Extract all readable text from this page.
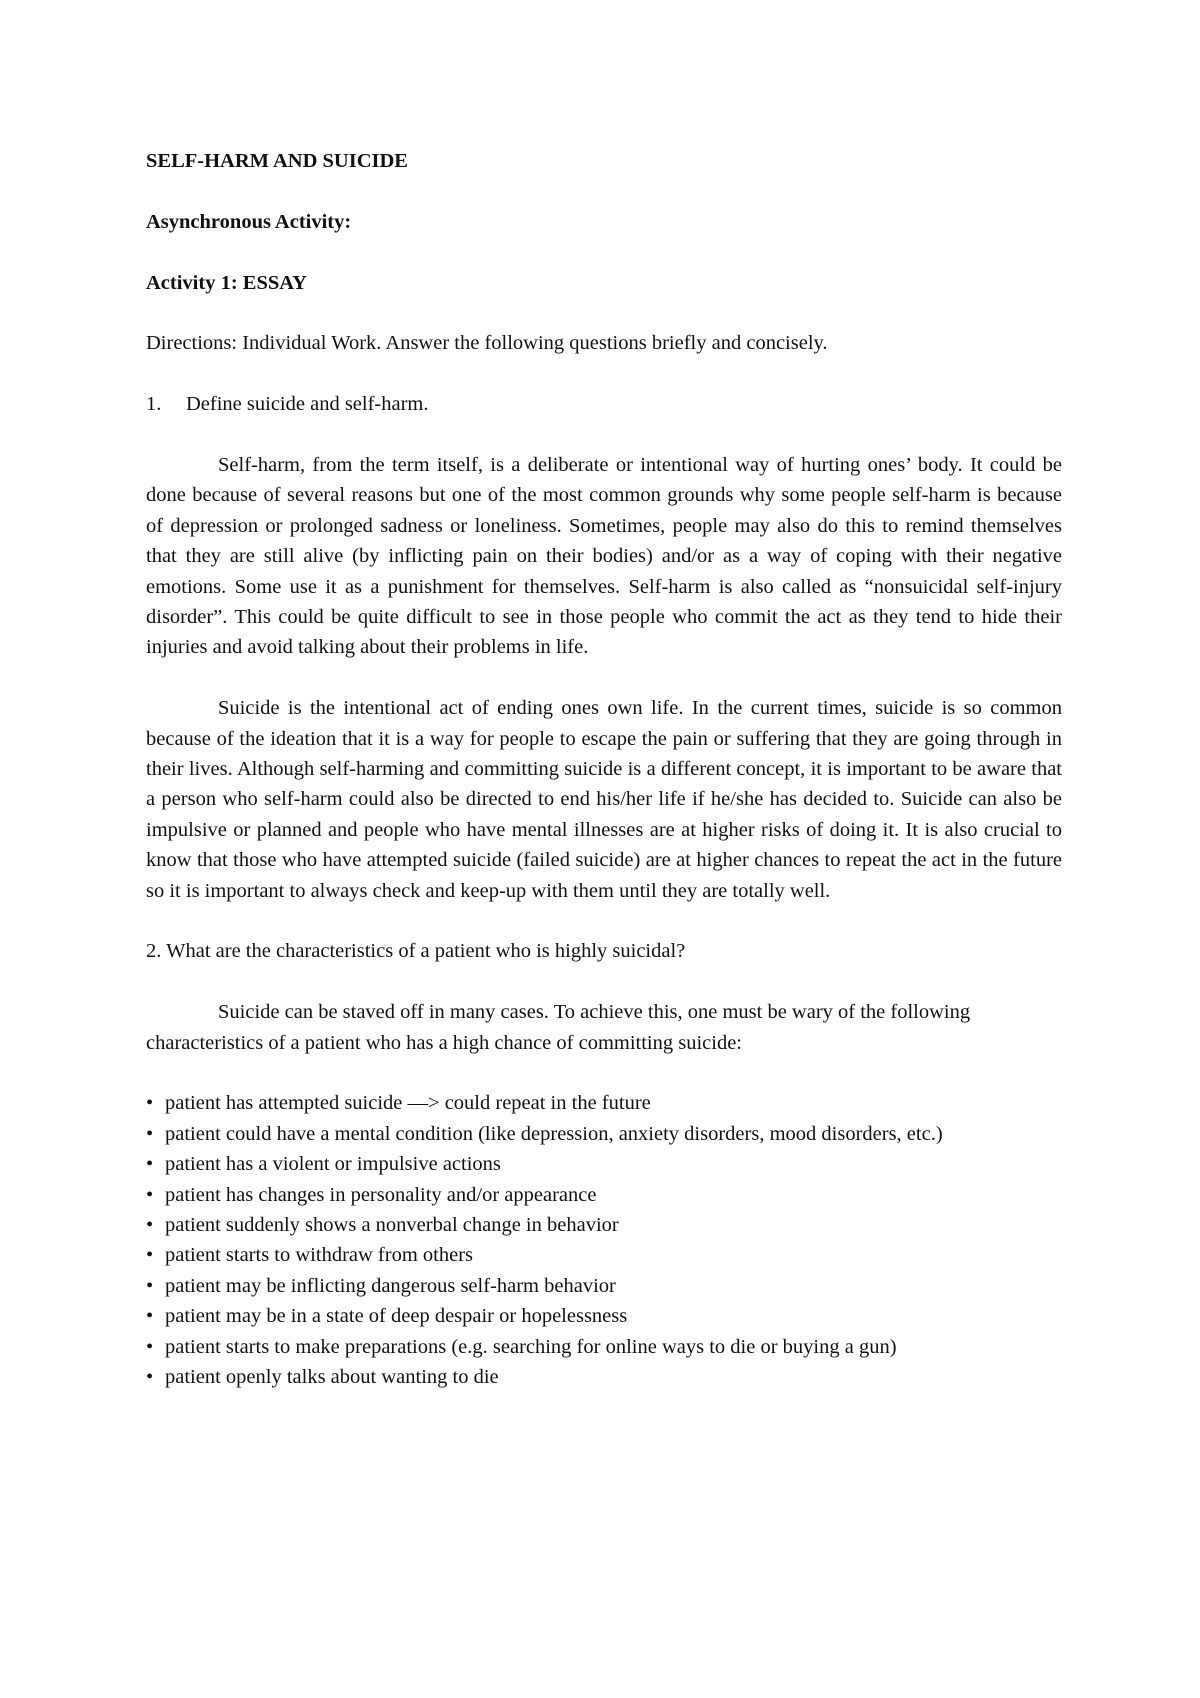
SELF-HARM AND SUICIDE
Asynchronous Activity:
Activity 1: ESSAY
Directions: Individual Work. Answer the following questions briefly and concisely.
1.	Define suicide and self-harm.

Self-harm, from the term itself, is a deliberate or intentional way of hurting ones’ body. It could be done because of several reasons but one of the most common grounds why some people self-harm is because of depression or prolonged sadness or loneliness. Sometimes, people may also do this to remind themselves that they are still alive (by inflicting pain on their bodies) and/or as a way of coping with their negative emotions. Some use it as a punishment for themselves. Self-harm is also called as “nonsuicidal self-injury disorder”. This could be quite difficult to see in those people who commit the act as they tend to hide their injuries and avoid talking about their problems in life.

Suicide is the intentional act of ending ones own life. In the current times, suicide is so common because of the ideation that it is a way for people to escape the pain or suffering that they are going through in their lives. Although self-harming and committing suicide is a different concept, it is important to be aware that a person who self-harm could also be directed to end his/her life if he/she has decided to. Suicide can also be impulsive or planned and people who have mental illnesses are at higher risks of doing it. It is also crucial to know that those who have attempted suicide (failed suicide) are at higher chances to repeat the act in the future so it is important to always check and keep-up with them until they are totally well.

2. What are the characteristics of a patient who is highly suicidal?

Suicide can be staved off in many cases. To achieve this, one must be wary of the following characteristics of a patient who has a high chance of committing suicide:

• patient has attempted suicide —> could repeat in the future
• patient could have a mental condition (like depression, anxiety disorders, mood disorders, etc.)
• patient has a violent or impulsive actions
• patient has changes in personality and/or appearance
• patient suddenly shows a nonverbal change in behavior
• patient starts to withdraw from others
• patient may be inflicting dangerous self-harm behavior
• patient may be in a state of deep despair or hopelessness
• patient starts to make preparations (e.g. searching for online ways to die or buying a gun)
• patient openly talks about wanting to die
